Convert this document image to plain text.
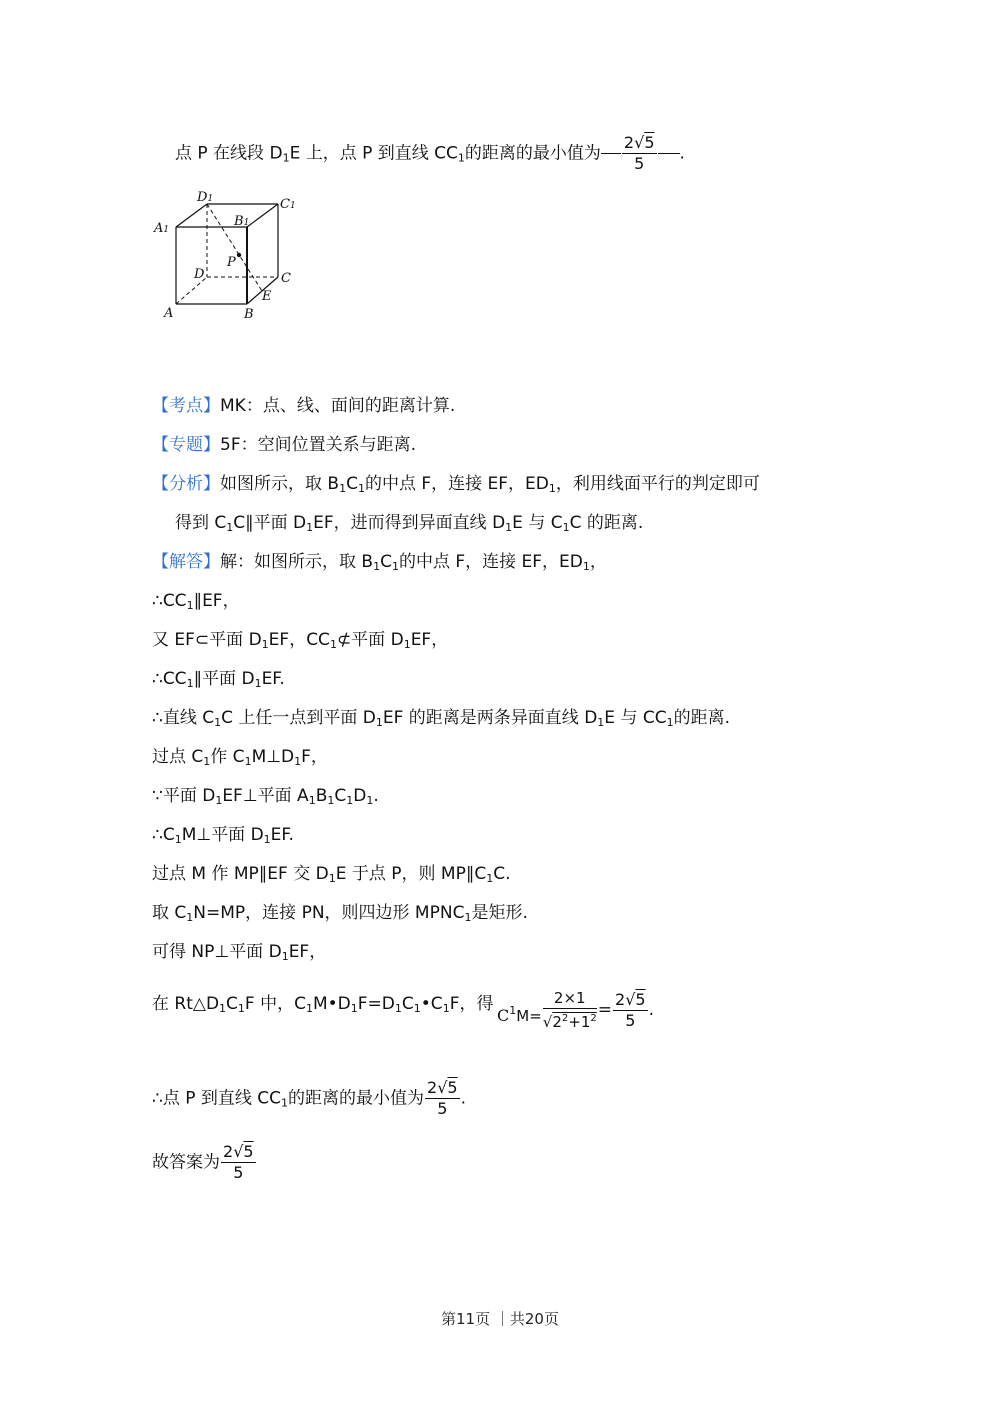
点 P 在线段 $D_1E$ 上，点 P 到直线 $CC_1$的距离的最小值为 $\frac{2√5}{5}$ .
D1	C1
A1
B1
P
D	C
E
A	B
【考点】MK：点、线、面间的距离计算.
【专题】5F：空间位置关系与距离.
【分析】如图所示，取 $B_1C_1$的中点 F，连接 EF，$ED_1$，利用线面平行的判定即可
得到 $C_1C\parallel$平面 $D_1EF$，进而得到异面直线 $D_1E$ 与 $C_1C$ 的距离.
【解答】解：如图所示，取 $B_1C_1$的中点 F，连接 EF，$ED_1$，
$\therefore CC_1\parallel EF$，
又 EF⊂平面 $D_1EF$，$CC_1⊄$平面 $D_1EF$，
$\therefore CC_1\parallel$平面 $D_1EF$.
∴直线 $C_1C$ 上任一点到平面 $D_1EF$ 的距离是两条异面直线 $D_1E$ 与 $CC_1$的距离.
过点 $C_1$作 $C_1M\perp D_1F$，
∵平面 $D_1EF\perp$平面 $A_1B_1C_1D_1$.
$\therefore C_1M\perp$平面 $D_1EF$.
过点 M 作 MP∥EF 交 $D_1E$ 于点 P，则 $MP\parallel C_1C$.
取 $C_1N=MP$，连接 PN，则四边形 $MPNC_1$是矩形.
可得 NP⊥平面 $D_1EF$，
在 $Rt\triangle D_1C_1F$ 中，$C_1M•D_1F=D_1C_1•C_1F$，得
$C_1M= \frac{2\times 1}{√2^2+1^2} = \frac{2√5}{5}$ .
∴点 P 到直线 $CC_1$的距离的最小值为 $\frac{2√5}{5}$ .
故答案为 $\frac{2√5}{5}$
第11页 ｜共20页
